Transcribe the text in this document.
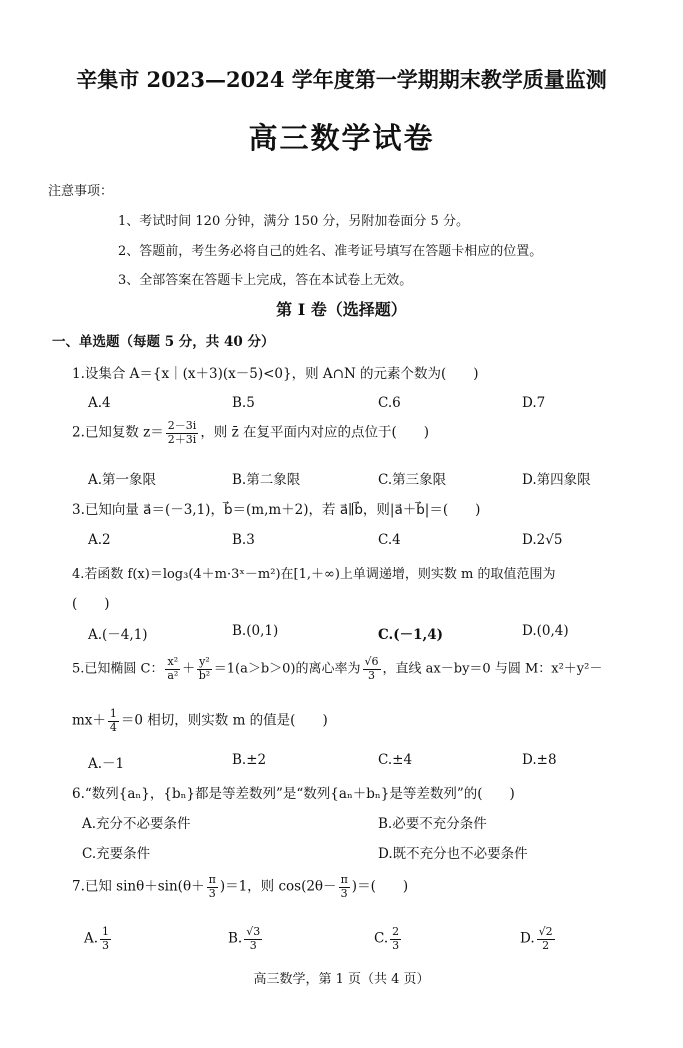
辛集市 2023—2024 学年度第一学期期末教学质量监测
高三数学试卷
注意事项：
1、考试时间 120 分钟，满分 150 分，另附加卷面分 5 分。
2、答题前，考生务必将自己的姓名、准考证号填写在答题卡相应的位置。
3、全部答案在答题卡上完成，答在本试卷上无效。
第 I 卷（选择题）
一、单选题（每题 5 分，共 40 分）
1.设集合 A＝{x｜(x＋3)(x－5)<0}，则 A∩N 的元素个数为(　　)
A.4	B.5	C.6	D.7
2.已知复数 $z= \frac{2-3i}{2+3i}$ ，则 z̄ 在复平面内对应的点位于(　　)
A.第一象限	B.第二象限	C.第三象限	D.第四象限
3.已知向量 a⃗＝(－3,1)，b⃗＝(m,m＋2)，若 a⃗∥b⃗，则|a⃗＋b⃗|＝(　　)
A.2	B.3	C.4	D.2√5
4.若函数 f(x)＝log₃(4＋m·3ˣ－m²)在[1,＋∞)上单调递增，则实数 m 的取值范围为
(　　)
A.(－4,1)	B.(0,1)	C.(－1,4)	D.(0,4)
5.已知椭圆 C： $\frac{\text{x²}}{\text{a²}} + \frac{\text{y²}}{\text{b²}} =1(a>b>0)$的离心率为 $\frac{√6}{3}$ ，直线 ax－by＝0 与圆 M：x²＋y²－
$mx+ \frac{1}{4} =0$ 相切，则实数 m 的值是(　　)
A.－1	B.±2	C.±4	D.±8
6.“数列{aₙ}，{bₙ}都是等差数列”是“数列{aₙ＋bₙ}是等差数列”的(　　)
A.充分不必要条件	B.必要不充分条件
C.充要条件	D.既不充分也不必要条件
7.已知 $\sin\theta+\sin(\theta+ \frac{\pi}{3} )=1$，则 $\cos(2\theta- \frac{\pi}{3}$ )＝(　　)
A. $\frac{1}{3}$	B. $\frac{√3}{3}$	C. $\frac{2}{3}$	D. $\frac{√2}{2}$
高三数学，第 1 页（共 4 页）
